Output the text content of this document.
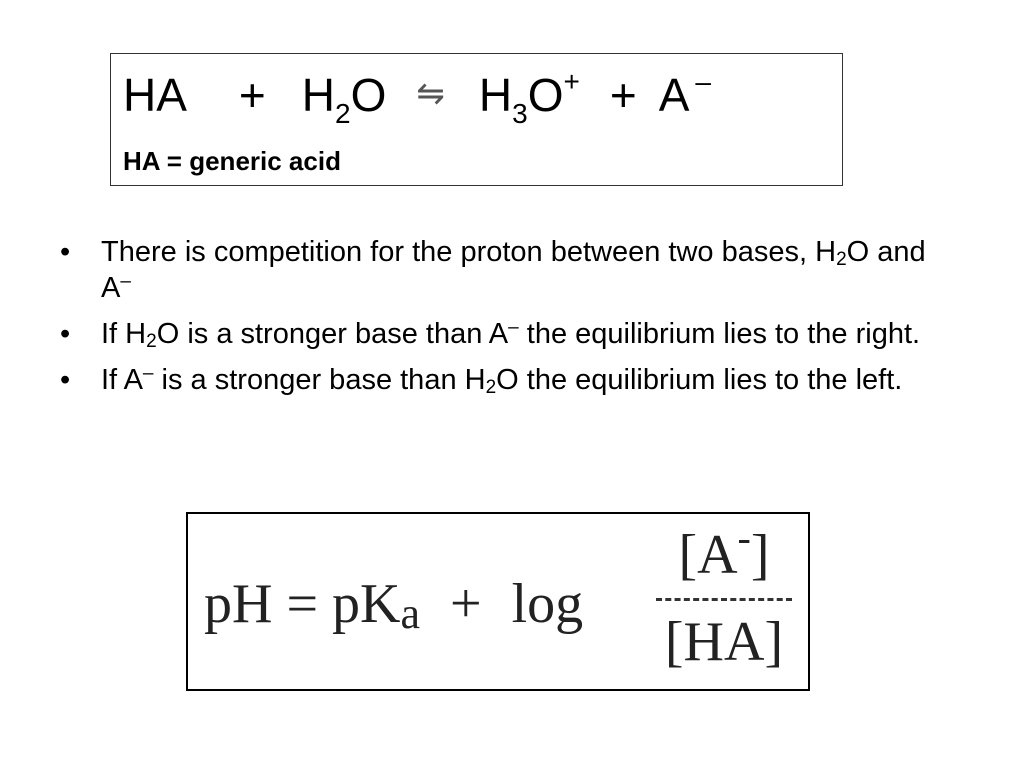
HA + $H_2O$ ⇋ $H_3O^+ + A$ –
HA = generic acid
• There is competition for the proton between two bases, $H_2O$ and A–
• If $H_2O$ is a stronger base than A– the equilibrium lies to the right.
• If A– is a stronger base than $H_2O$ the equilibrium lies to the left.
pH = $pK_a + \log$
[A-]
[HA]
